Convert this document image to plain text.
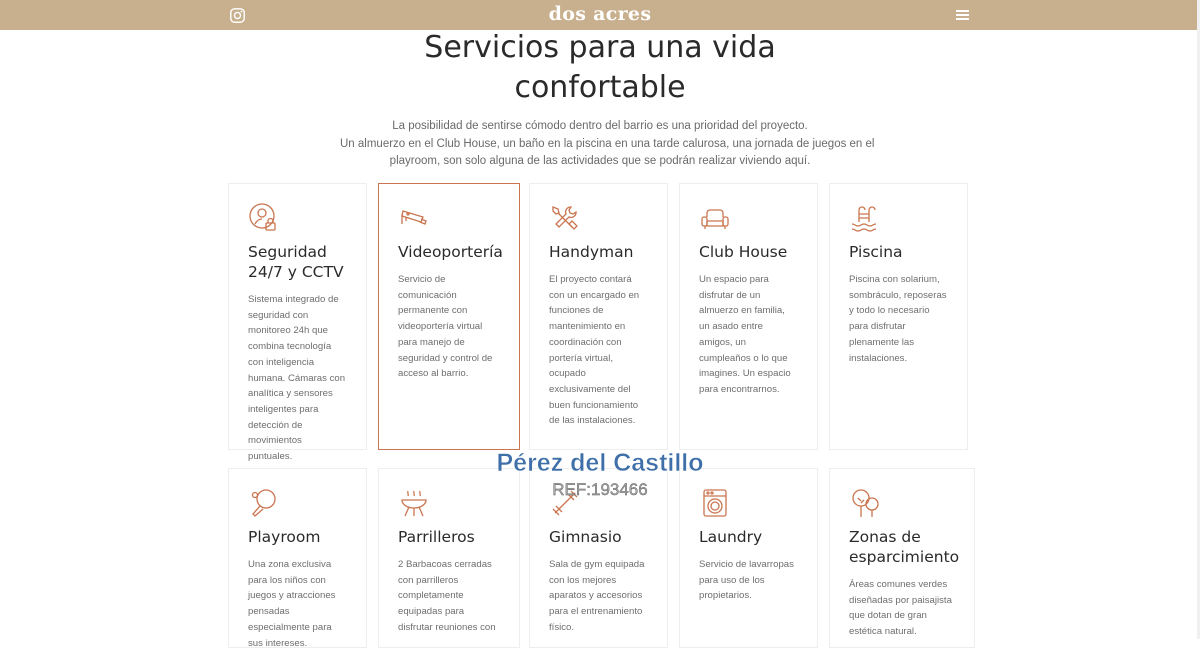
dos acres
Servicios para una vida
confortable
La posibilidad de sentirse cómodo dentro del barrio es una prioridad del proyecto.
Un almuerzo en el Club House, un baño en la piscina en una tarde calurosa, una jornada de juegos en el
playroom, son solo alguna de las actividades que se podrán realizar viviendo aquí.
Seguridad 24/7 y CCTV

Sistema integrado de seguridad con monitoreo 24h que combina tecnología con inteligencia humana. Cámaras con analítica y sensores inteligentes para detección de movimientos puntuales.

Videoportería

Servicio de comunicación permanente con videoportería virtual para manejo de seguridad y control de acceso al barrio.

Handyman

El proyecto contará con un encargado en funciones de mantenimiento en coordinación con portería virtual, ocupado exclusivamente del buen funcionamiento de las instalaciones.

Club House

Un espacio para disfrutar de un almuerzo en familia, un asado entre amigos, un cumpleaños o lo que imagines. Un espacio para encontrarnos.

Piscina

Piscina con solarium, sombráculo, reposeras y todo lo necesario para disfrutar plenamente las instalaciones.

Playroom

Una zona exclusiva para los niños con juegos y atracciones pensadas especialmente para sus intereses.

Parrilleros

2 Barbacoas cerradas con parrilleros completamente equipadas para disfrutar reuniones con

Gimnasio

Sala de gym equipada con los mejores aparatos y accesorios para el entrenamiento físico.

Laundry

Servicio de lavarropas para uso de los propietarios.

Zonas de esparcimiento

Áreas comunes verdes diseñadas por paisajista que dotan de gran estética natural.

Pérez del Castillo
REF:193466
